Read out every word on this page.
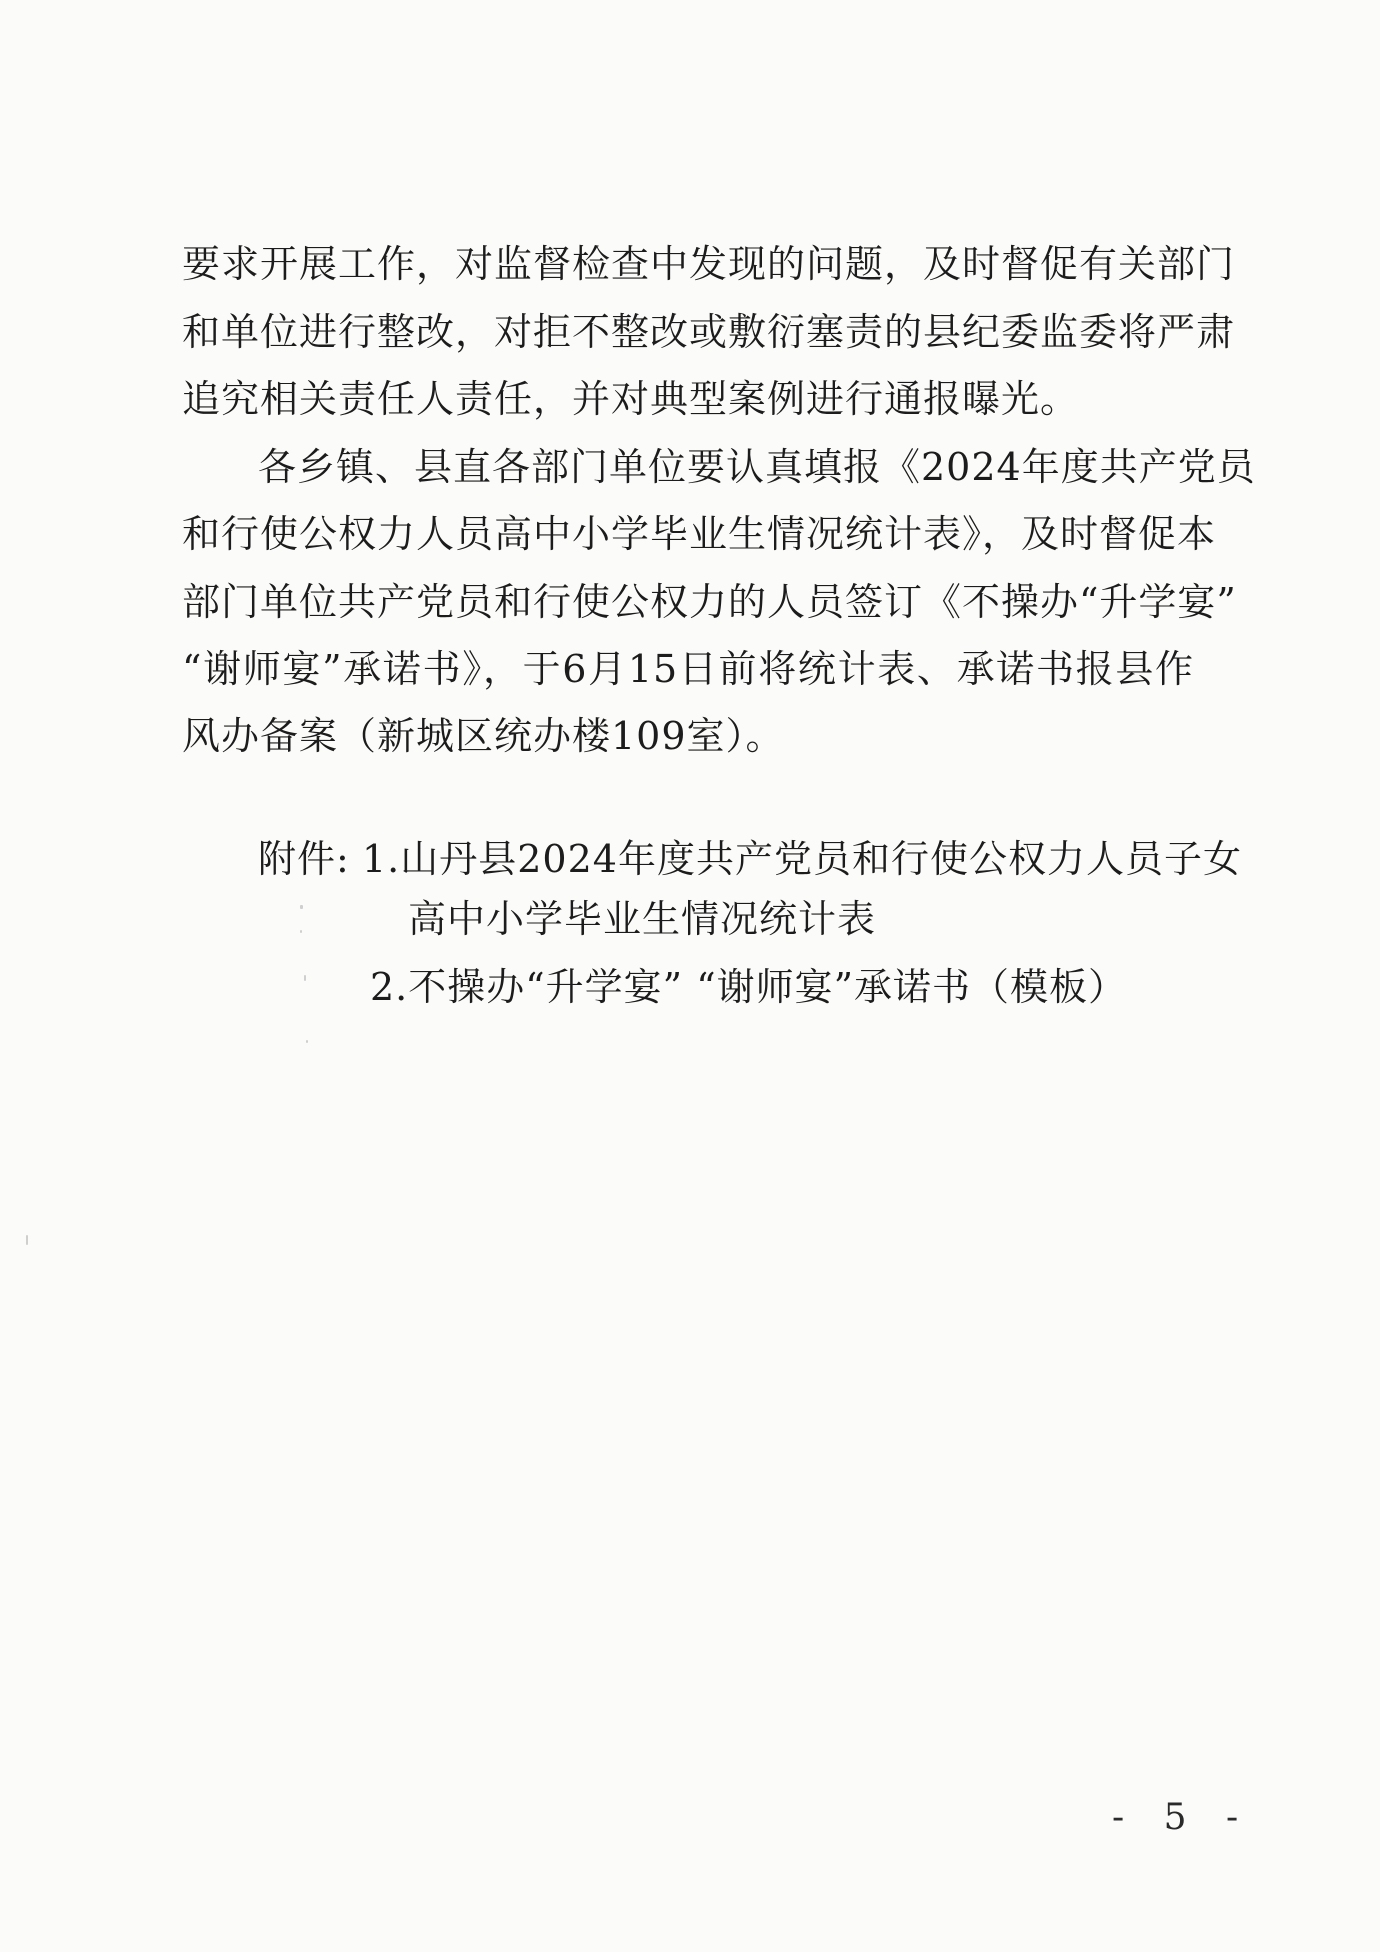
要求开展工作，对监督检查中发现的问题，及时督促有关部门
和单位进行整改，对拒不整改或敷衍塞责的县纪委监委将严肃
追究相关责任人责任，并对典型案例进行通报曝光。
各乡镇、县直各部门单位要认真填报《2024年度共产党员
和行使公权力人员高中小学毕业生情况统计表》，及时督促本
部门单位共产党员和行使公权力的人员签订《不操办“升学宴”
“谢师宴”承诺书》，于6月15日前将统计表、承诺书报县作
风办备案（新城区统办楼109室）。
附件: 1.山丹县2024年度共产党员和行使公权力人员子女
高中小学毕业生情况统计表
2.不操办“升学宴” “谢师宴”承诺书（模板）
- 5 -
